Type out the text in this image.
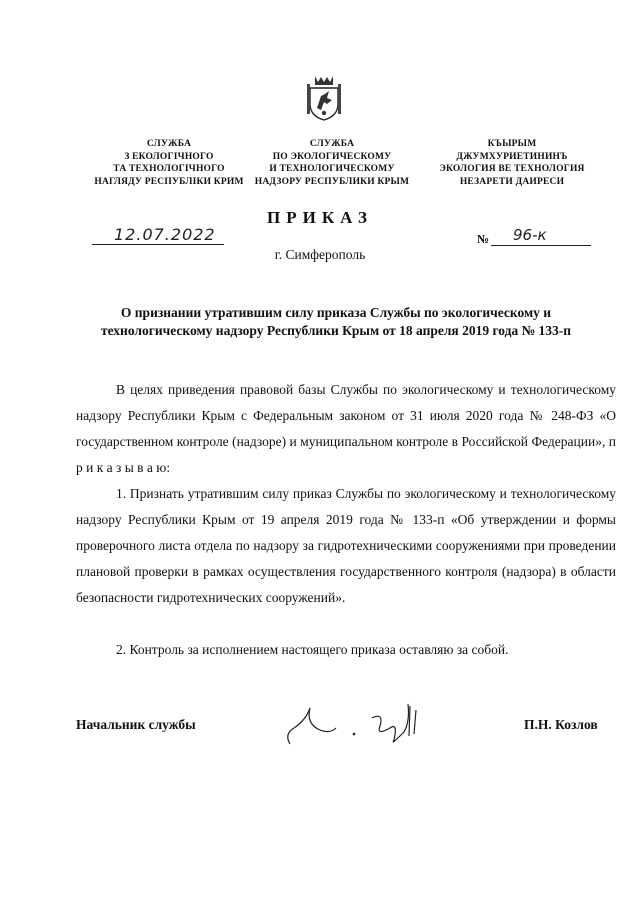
СЛУЖБА
З ЕКОЛОГІЧНОГО
ТА ТЕХНОЛОГІЧНОГО
НАГЛЯДУ РЕСПУБЛІКИ КРИМ
СЛУЖБА
ПО ЭКОЛОГИЧЕСКОМУ
И ТЕХНОЛОГИЧЕСКОМУ
НАДЗОРУ РЕСПУБЛИКИ КРЫМ
КЪЫРЫМ
ДЖУМХУРИЕТИНИНЪ
ЭКОЛОГИЯ ВЕ ТЕХНОЛОГИЯ
НЕЗАРЕТИ ДАИРЕСИ
ПРИКАЗ
12.07.2022	№ 96-к
г. Симферополь
О признании утратившим силу приказа Службы по экологическому и технологическому надзору Республики Крым от 18 апреля 2019 года № 133-п
В целях приведения правовой базы Службы по экологическому и технологическому надзору Республики Крым с Федеральным законом от 31 июля 2020 года № 248-ФЗ «О государственном контроле (надзоре) и муниципальном контроле в Российской Федерации», п р и к а з ы в а ю:
1. Признать утратившим силу приказ Службы по экологическому и технологическому надзору Республики Крым от 19 апреля 2019 года № 133-п «Об утверждении и формы проверочного листа отдела по надзору за гидротехническими сооружениями при проведении плановой проверки в рамках осуществления государственного контроля (надзора) в области безопасности гидротехнических сооружений».
2. Контроль за исполнением настоящего приказа оставляю за собой.
Начальник службы	П.Н. Козлов
